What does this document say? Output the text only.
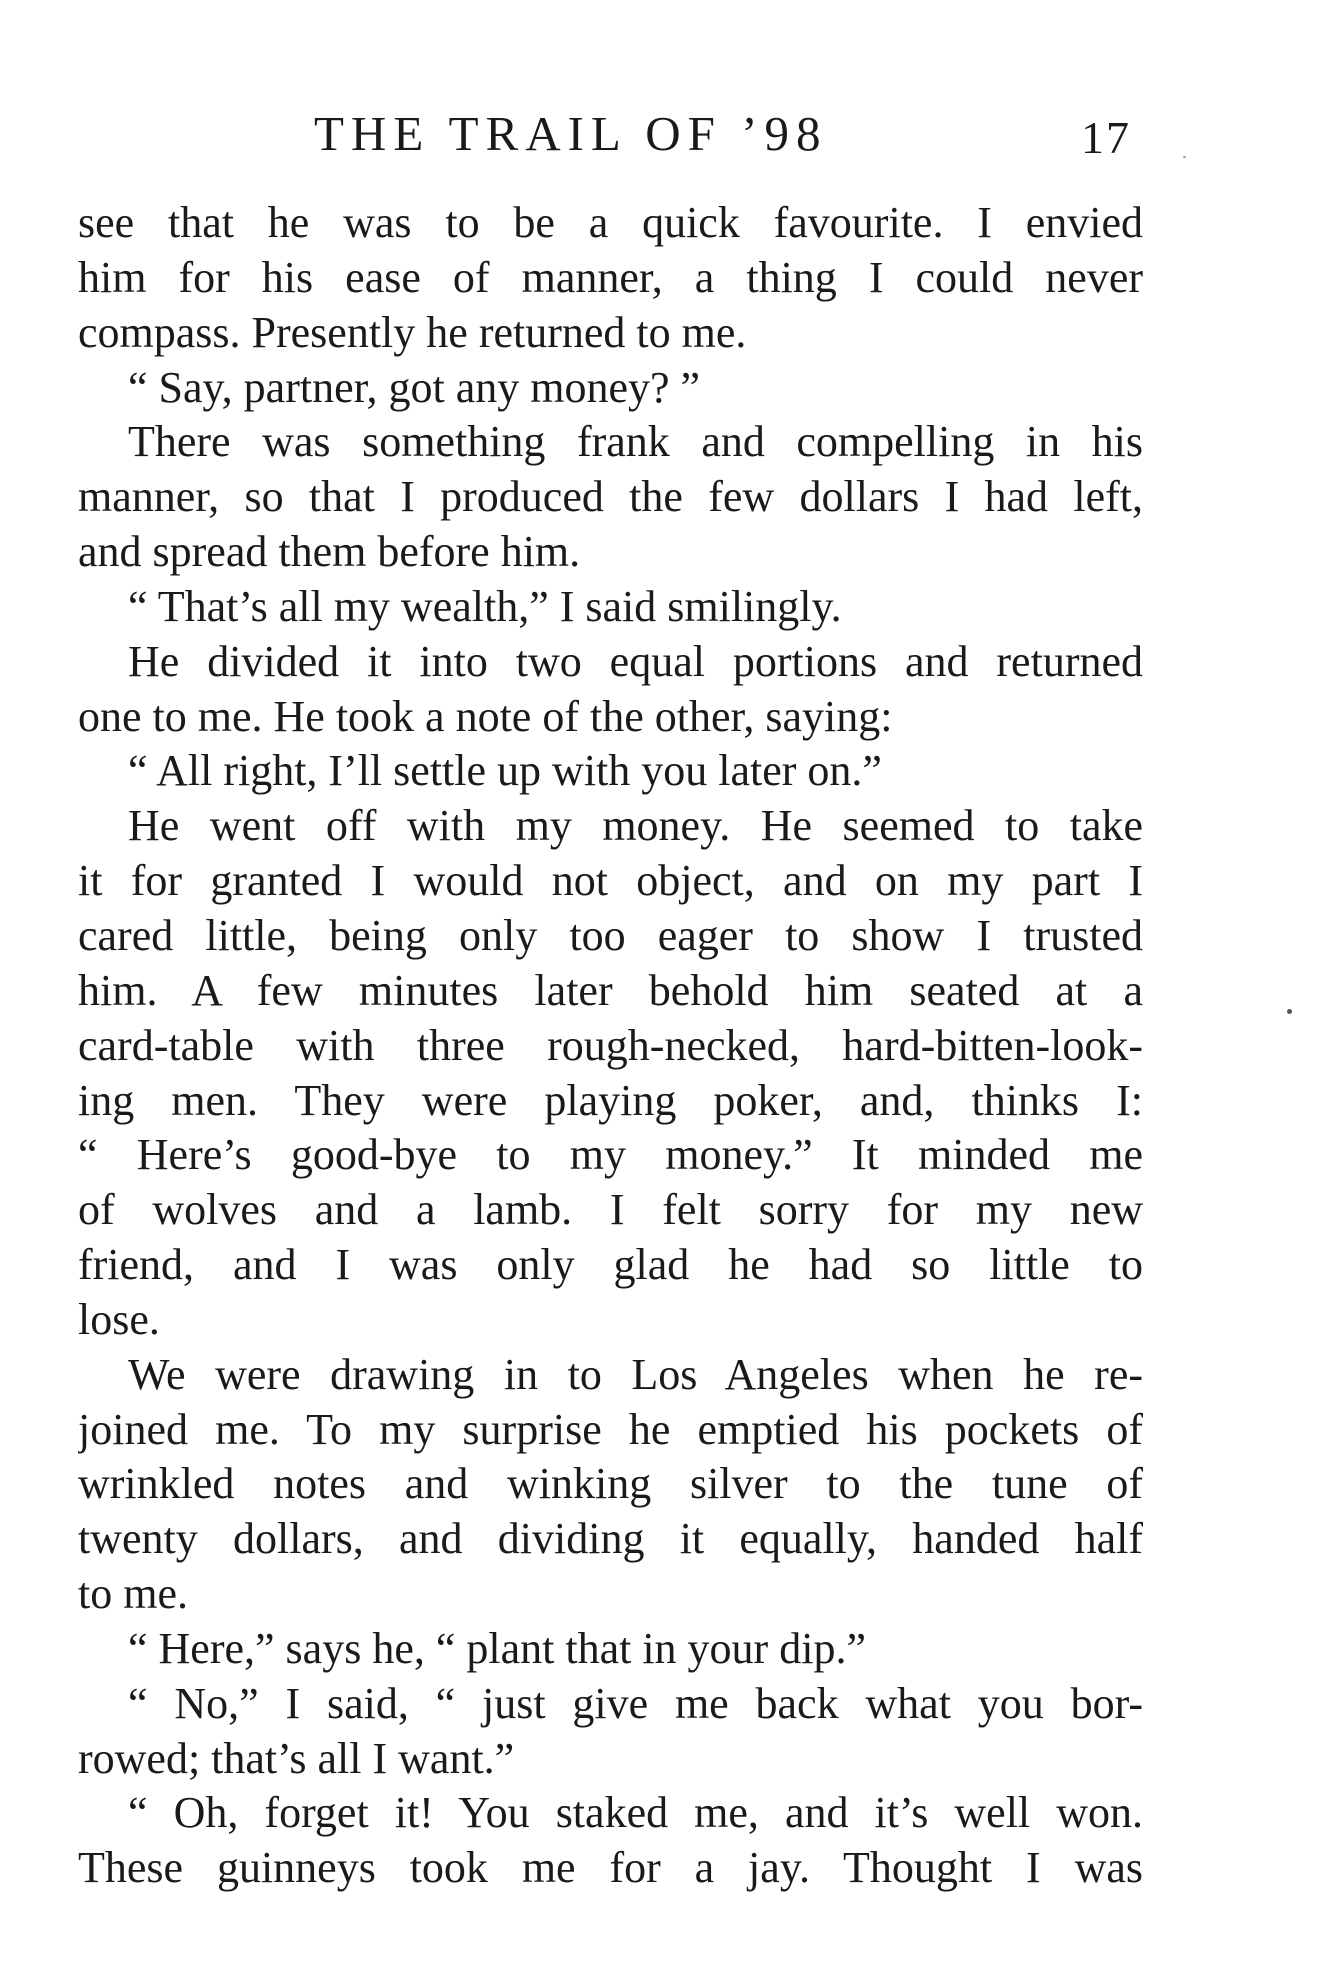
THE TRAIL OF ’98	17
see that he was to be a quick favourite. I envied
him for his ease of manner, a thing I could never
compass. Presently he returned to me.
“ Say, partner, got any money? ”
There was something frank and compelling in his
manner, so that I produced the few dollars I had left,
and spread them before him.
“ That’s all my wealth,” I said smilingly.
He divided it into two equal portions and returned
one to me. He took a note of the other, saying:
“ All right, I’ll settle up with you later on.”
He went off with my money. He seemed to take
it for granted I would not object, and on my part I
cared little, being only too eager to show I trusted
him. A few minutes later behold him seated at a
card-table with three rough-necked, hard-bitten-look-
ing men. They were playing poker, and, thinks I:
“ Here’s good-bye to my money.” It minded me
of wolves and a lamb. I felt sorry for my new
friend, and I was only glad he had so little to
lose.
We were drawing in to Los Angeles when he re-
joined me. To my surprise he emptied his pockets of
wrinkled notes and winking silver to the tune of
twenty dollars, and dividing it equally, handed half
to me.
“ Here,” says he, “ plant that in your dip.”
“ No,” I said, “ just give me back what you bor-
rowed; that’s all I want.”
“ Oh, forget it! You staked me, and it’s well won.
These guinneys took me for a jay. Thought I was
